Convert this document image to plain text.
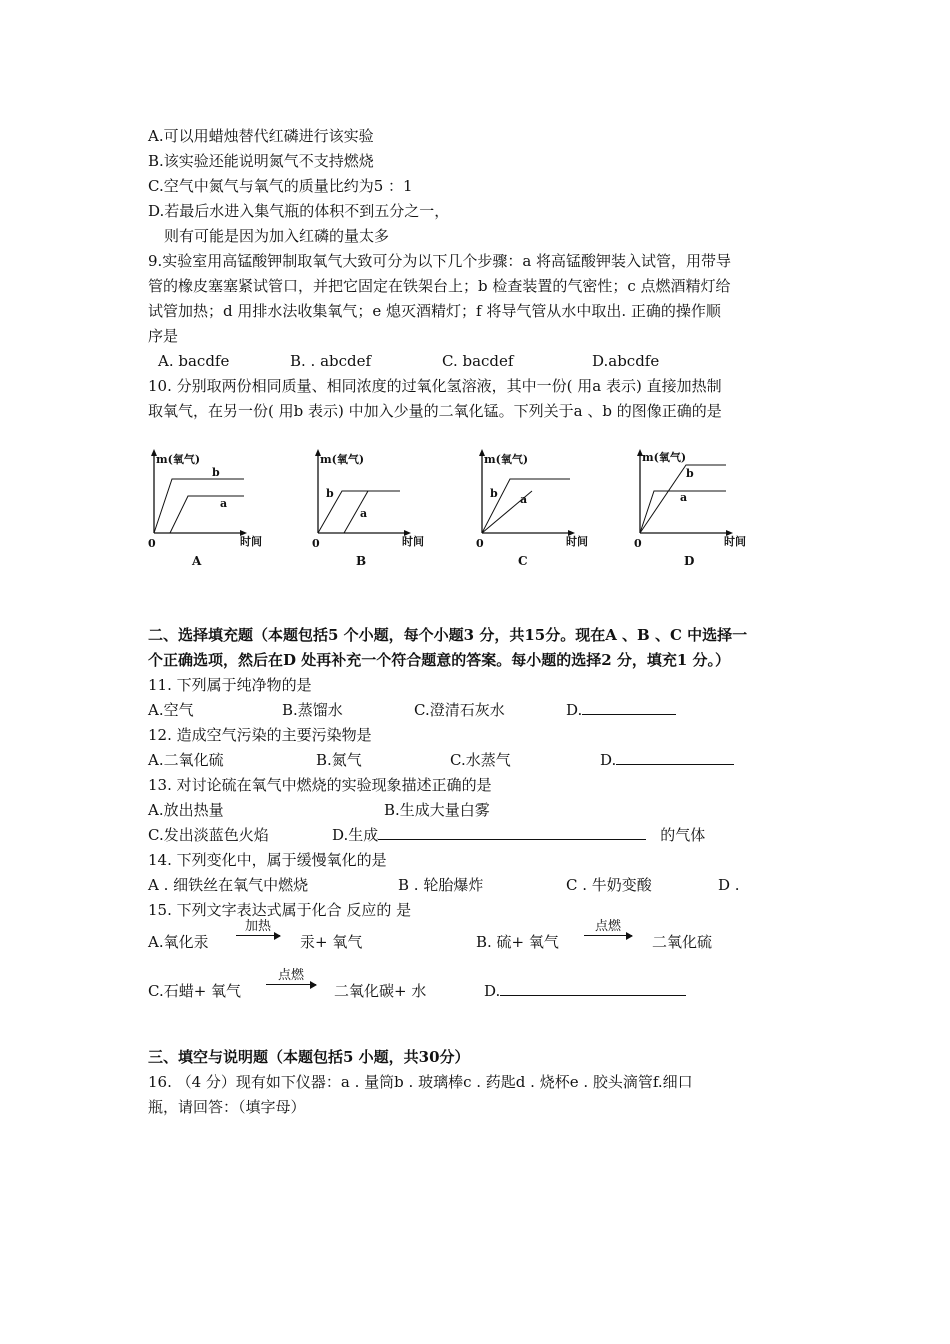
A.可以用蜡烛替代红磷进行该实验
B.该实验还能说明氮气不支持燃烧
C.空气中氮气与氧气的质量比约为5 ：1
D.若最后水进入集气瓶的体积不到五分之一，
则有可能是因为加入红磷的量太多
9.实验室用高锰酸钾制取氧气大致可分为以下几个步骤：a 将高锰酸钾装入试管，用带导
管的橡皮塞塞紧试管口，并把它固定在铁架台上；b 检查装置的气密性；c 点燃酒精灯给
试管加热；d 用排水法收集氧气；e 熄灭酒精灯；f 将导气管从水中取出. 正确的操作顺
序是
A. bacdfe	B. . abcdef	C. bacdef	D.abcdfe
10. 分别取两份相同质量、相同浓度的过氧化氢溶液，其中一份( 用a 表示) 直接加热制
取氧气，在另一份( 用b 表示) 中加入少量的二氧化锰。下列关于a 、b 的图像正确的是
m(氧气)
时间
0
b
a
A
m(氧气)
时间
0
b
a
B
m(氧气)
时间
0
b a
C
m(氧气)
时间
0
b
a
D
二、选择填充题（本题包括5 个小题，每个小题3 分，共15分。现在A 、B 、C 中选择一
个正确选项，然后在D 处再补充一个符合题意的答案。每小题的选择2 分，填充1 分。）
11. 下列属于纯净物的是
A.空气	B.蒸馏水	C.澄清石灰水	D.
12. 造成空气污染的主要污染物是
A.二氧化硫	B.氮气	C.水蒸气	D.
13. 对讨论硫在氧气中燃烧的实验现象描述正确的是
A.放出热量	B.生成大量白雾
C.发出淡蓝色火焰	D.生成	的气体
14. 下列变化中，属于缓慢氧化的是
A . 细铁丝在氧气中燃烧	B . 轮胎爆炸	C . 牛奶变酸	D .
15. 下列文字表达式属于化合 反应的 是
A.氧化汞
加热
汞+ 氧气	B. 硫+ 氧气
点燃
二氧化硫
C.石蜡+ 氧气
点燃
二氧化碳+ 水	D.
三、填空与说明题（本题包括5 小题，共30分）
16. （4 分）现有如下仪器：a . 量筒b . 玻璃棒c . 药匙d . 烧杯e . 胶头滴管f.细口
瓶，请回答：（填字母）
